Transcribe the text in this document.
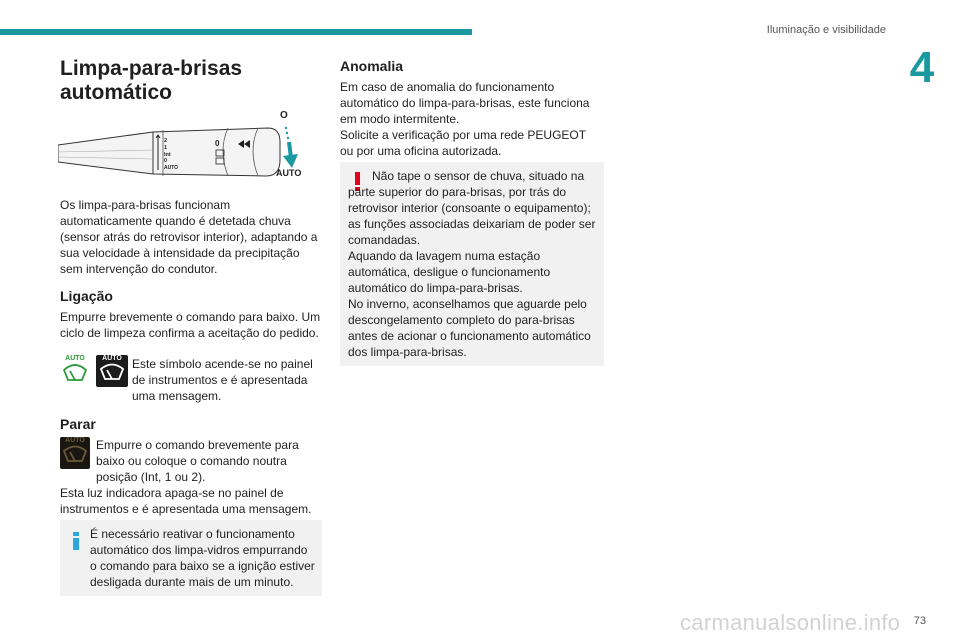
Iluminação e visibilidade
4
Limpa-para-brisas automático
2
1
Int
0
AUTO
0
O
AUTO

Os limpa-para-brisas funcionam automaticamente quando é detetada chuva (sensor atrás do retrovisor interior), adaptando a sua velocidade à intensidade da precipitação sem intervenção do condutor.

Ligação

Empurre brevemente o comando para baixo. Um ciclo de limpeza confirma a aceitação do pedido.

AUTO	AUTO Este símbolo acende-se no painel de instrumentos e é apresentada uma mensagem.

Parar
AUTO Empurre o comando brevemente para baixo ou coloque o comando noutra posição (Int, 1 ou 2).

Esta luz indicadora apaga-se no painel de instrumentos e é apresentada uma mensagem.

É necessário reativar o funcionamento automático dos limpa-vidros empurrando o comando para baixo se a ignição estiver desligada durante mais de um minuto.

Anomalia

Em caso de anomalia do funcionamento automático do limpa-para-brisas, este funciona em modo intermitente.

Solicite a verificação por uma rede PEUGEOT ou por uma oficina autorizada.

Não tape o sensor de chuva, situado na parte superior do para-brisas, por trás do retrovisor interior (consoante o equipamento); as funções associadas deixariam de poder ser comandadas.

Aquando da lavagem numa estação automática, desligue o funcionamento automático do limpa-para-brisas.

No inverno, aconselhamos que aguarde pelo descongelamento completo do para-brisas antes de acionar o funcionamento automático dos limpa-para-brisas.

carmanualsonline.info	73
